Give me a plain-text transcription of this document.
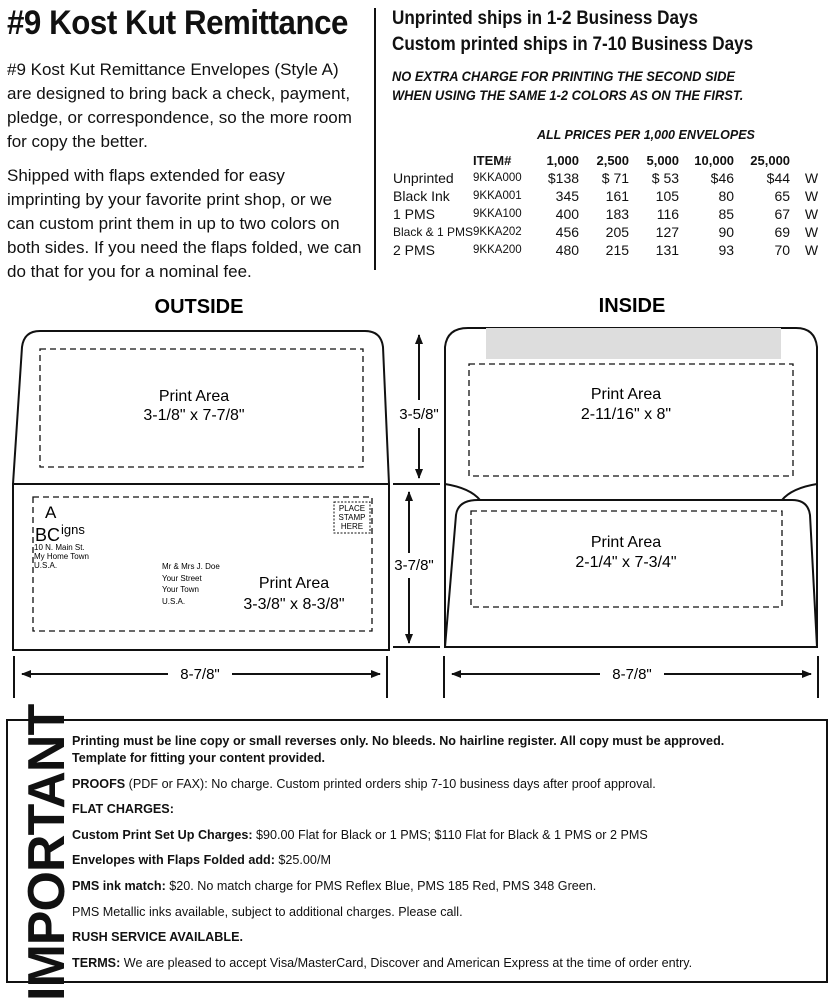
#9 Kost Kut Remittance

#9 Kost Kut Remittance Envelopes (Style A) are designed to bring back a check, payment, pledge, or correspondence, so the more room for copy the better.

Shipped with flaps extended for easy imprinting by your favorite print shop, or we can custom print them in up to two colors on both sides. If you need the flaps folded, we can do that for you for a nominal fee.

Unprinted ships in 1-2 Business Days
Custom printed ships in 7-10 Business Days
NO EXTRA CHARGE FOR PRINTING THE SECOND SIDE
WHEN USING THE SAME 1-2 COLORS AS ON THE FIRST.
ALL PRICES PER 1,000 ENVELOPES
	ITEM#	1,000	2,500	5,000	10,000	25,000	
Unprinted	9KKA000	$138	$ 71	$ 53	$46	$44	W
Black Ink	9KKA001	345	161	105	80	65	W
1 PMS	9KKA100	400	183	116	85	67	W
Black & 1 PMS	9KKA202	456	205	127	90	69	W
2 PMS	9KKA200	480	215	131	93	70	W
OUTSIDE	INSIDE
Print Area
3-1/8" x 7-7/8"
A
BC igns
10 N. Main St.
My Home Town
U.S.A.
PLACE
STAMP
HERE
Mr & Mrs J. Doe
Your Street
Your Town
U.S.A.
Print Area
3-3/8" x 8-3/8"
8-7/8"
3-5/8"
3-7/8"
Print Area
2-11/16" x 8"
Print Area
2-1/4" x 7-3/4"
8-7/8"
IMPORTANT

Printing must be line copy or small reverses only. No bleeds. No hairline register. All copy must be approved.
Template for fitting your content provided.

PROOFS (PDF or FAX): No charge. Custom printed orders ship 7-10 business days after proof approval.

FLAT CHARGES:

Custom Print Set Up Charges: $90.00 Flat for Black or 1 PMS; $110 Flat for Black & 1 PMS or 2 PMS

Envelopes with Flaps Folded add: $25.00/M

PMS ink match: $20. No match charge for PMS Reflex Blue, PMS 185 Red, PMS 348 Green.

PMS Metallic inks available, subject to additional charges. Please call.

RUSH SERVICE AVAILABLE.

TERMS: We are pleased to accept Visa/MasterCard, Discover and American Express at the time of order entry.
